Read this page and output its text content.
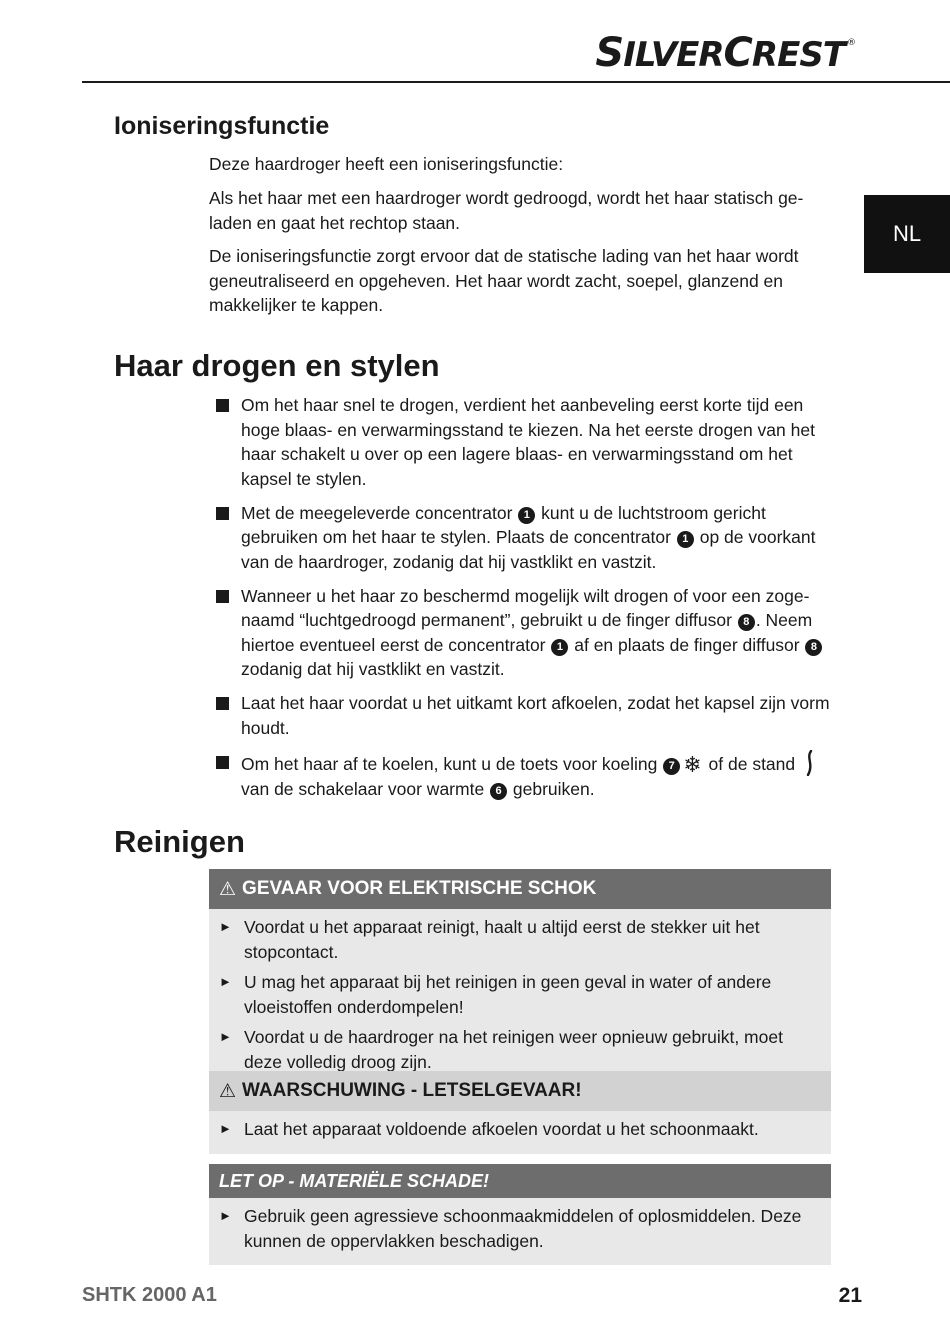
SILVERCREST ®
NL
Ioniseringsfunctie

Deze haardroger heeft een ioniseringsfunctie:

Als het haar met een haardroger wordt gedroogd, wordt het haar statisch ge-laden en gaat het rechtop staan.

De ioniseringsfunctie zorgt ervoor dat de statische lading van het haar wordt geneutraliseerd en opgeheven. Het haar wordt zacht, soepel, glanzend en makkelijker te kappen.

Haar drogen en stylen
Om het haar snel te drogen, verdient het aanbeveling eerst korte tijd een hoge blaas- en verwarmingsstand te kiezen. Na het eerste drogen van het haar schakelt u over op een lagere blaas- en verwarmingsstand om het kapsel te stylen.
Met de meegeleverde concentrator 1 kunt u de luchtstroom gericht gebruiken om het haar te stylen. Plaats de concentrator 1 op de voorkant van de haardroger, zodanig dat hij vastklikt en vastzit.
Wanneer u het haar zo beschermd mogelijk wilt drogen of voor een zoge-naamd “luchtgedroogd permanent”, gebruikt u de finger diffusor 8 . Neem hiertoe eventueel eerst de concentrator 1 af en plaats de finger diffusor 8 zodanig dat hij vastklikt en vastzit.
Laat het haar voordat u het uitkamt kort afkoelen, zodat het kapsel zijn vorm houdt.
Om het haar af te koelen, kunt u de toets voor koeling 7 ❄ of de stand
van de schakelaar voor warmte 6 gebruiken.
Reinigen
⚠ GEVAAR VOOR ELEKTRISCHE SCHOK
► Voordat u het apparaat reinigt, haalt u altijd eerst de stekker uit het stopcontact.
► U mag het apparaat bij het reinigen in geen geval in water of andere vloeistoffen onderdompelen!
► Voordat u de haardroger na het reinigen weer opnieuw gebruikt, moet deze volledig droog zijn.
⚠ WAARSCHUWING - LETSELGEVAAR!
► Laat het apparaat voldoende afkoelen voordat u het schoonmaakt.
LET OP - MATERIËLE SCHADE!
► Gebruik geen agressieve schoonmaakmiddelen of oplosmiddelen. Deze kunnen de oppervlakken beschadigen.
SHTK 2000 A1	21
